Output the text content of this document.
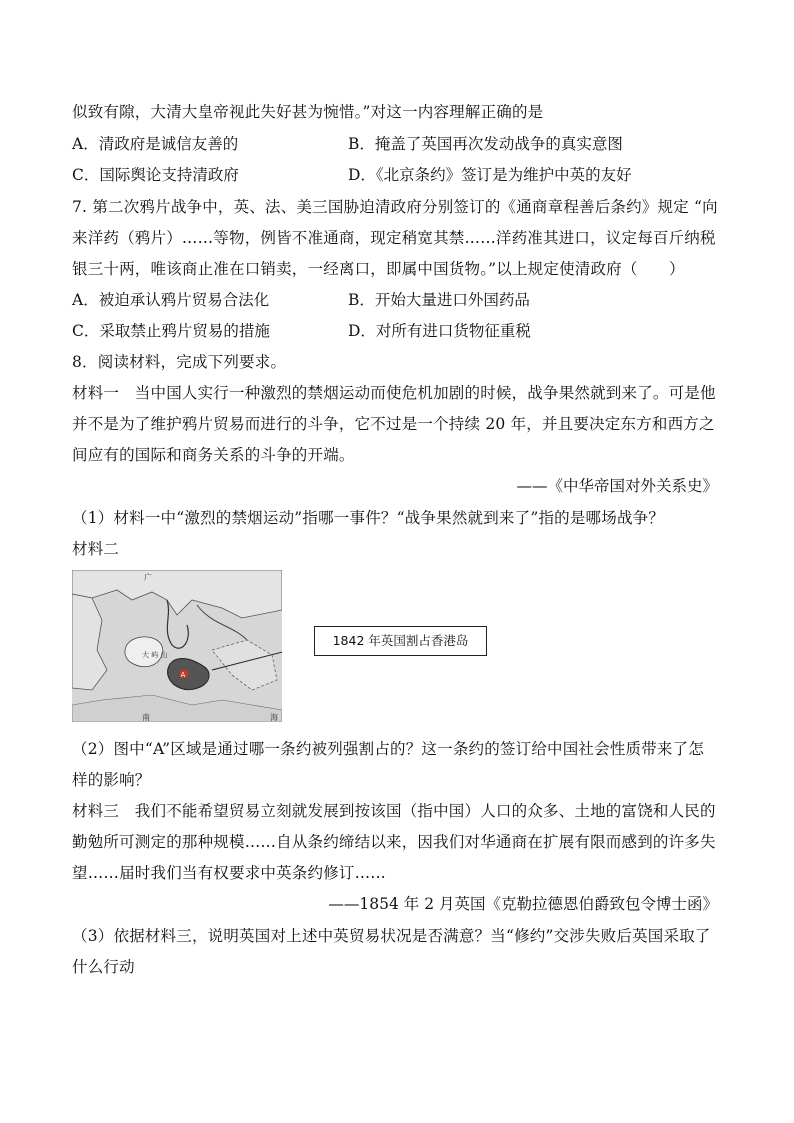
似致有隙，大清大皇帝视此失好甚为惋惜。”对这一内容理解正确的是
A．清政府是诚信友善的	B．掩盖了英国再次发动战争的真实意图
C．国际舆论支持清政府	D．《北京条约》签订是为维护中英的友好
7. 第二次鸦片战争中，英、法、美三国胁迫清政府分别签订的《通商章程善后条约》规定 “向
来洋药（鸦片）……等物，例皆不准通商，现定稍宽其禁……洋药准其进口，议定每百斤纳税
银三十两，唯该商止准在口销卖，一经离口，即属中国货物。”以上规定使清政府（　　）
A．被迫承认鸦片贸易合法化	B．开始大量进口外国药品
C．采取禁止鸦片贸易的措施	D．对所有进口货物征重税
8．阅读材料，完成下列要求。
材料一　当中国人实行一种激烈的禁烟运动而使危机加剧的时候，战争果然就到来了。可是他
并不是为了维护鸦片贸易而进行的斗争，它不过是一个持续 20 年，并且要决定东方和西方之
间应有的国际和商务关系的斗争的开端。
——《中华帝国对外关系史》
（1）材料一中“激烈的禁烟运动”指哪一事件？“战争果然就到来了”指的是哪场战争？
材料二
广
大 屿 山
南	海
A
1842 年英国割占香港岛
（2）图中“A”区域是通过哪一条约被列强割占的？这一条约的签订给中国社会性质带来了怎
样的影响？
材料三　我们不能希望贸易立刻就发展到按该国（指中国）人口的众多、土地的富饶和人民的
勤勉所可测定的那种规模……自从条约缔结以来，因我们对华通商在扩展有限而感到的许多失
望……届时我们当有权要求中英条约修订……
——1854 年 2 月英国《克勒拉德恩伯爵致包令博士函》
（3）依据材料三，说明英国对上述中英贸易状况是否满意？当“修约”交涉失败后英国采取了
什么行动
